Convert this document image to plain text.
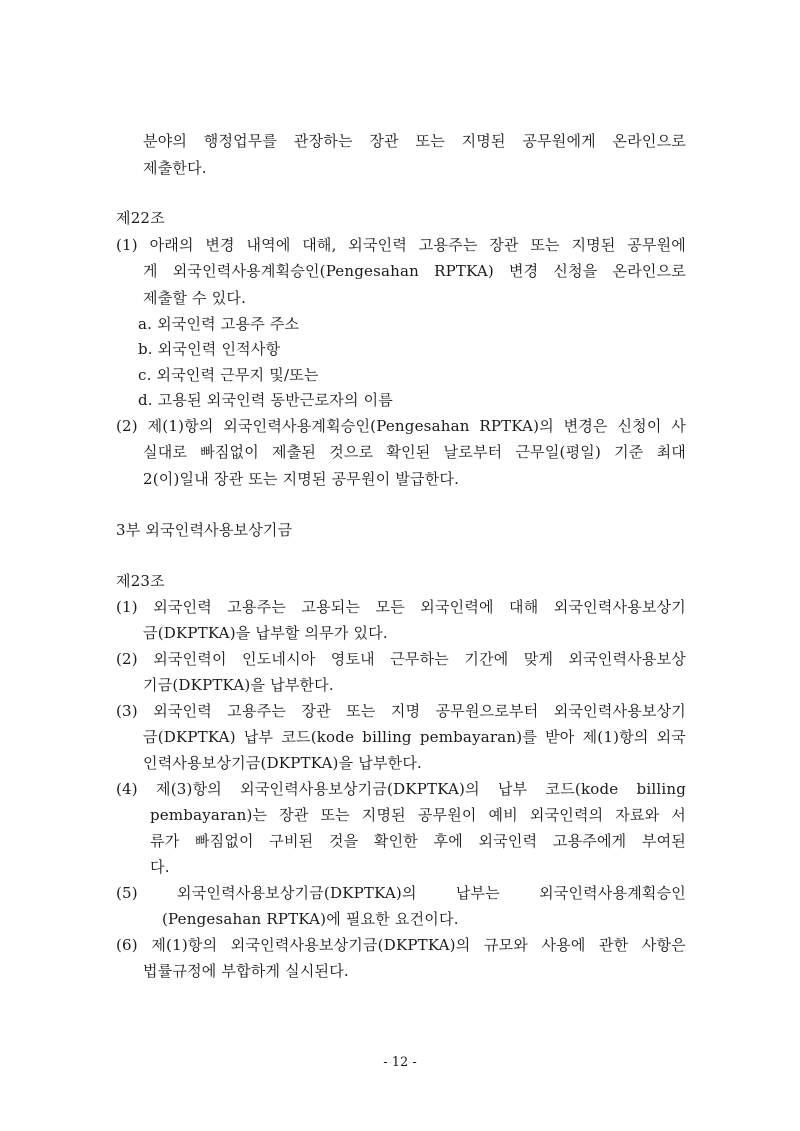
분야의 행정업무를 관장하는 장관 또는 지명된 공무원에게 온라인으로
제출한다.
제22조
(1) 아래의 변경 내역에 대해, 외국인력 고용주는 장관 또는 지명된 공무원에
게 외국인력사용계획승인(Pengesahan RPTKA) 변경 신청을 온라인으로
제출할 수 있다.
a. 외국인력 고용주 주소
b. 외국인력 인적사항
c. 외국인력 근무지 및/또는
d. 고용된 외국인력 동반근로자의 이름
(2) 제(1)항의 외국인력사용계획승인(Pengesahan RPTKA)의 변경은 신청이 사
실대로 빠짐없이 제출된 것으로 확인된 날로부터 근무일(평일) 기준 최대
2(이)일내 장관 또는 지명된 공무원이 발급한다.
3부 외국인력사용보상기금
제23조
(1) 외국인력 고용주는 고용되는 모든 외국인력에 대해 외국인력사용보상기
금(DKPTKA)을 납부할 의무가 있다.
(2) 외국인력이 인도네시아 영토내 근무하는 기간에 맞게 외국인력사용보상
기금(DKPTKA)을 납부한다.
(3) 외국인력 고용주는 장관 또는 지명 공무원으로부터 외국인력사용보상기
금(DKPTKA) 납부 코드(kode billing pembayaran)를 받아 제(1)항의 외국
인력사용보상기금(DKPTKA)을 납부한다.
(4) 제(3)항의 외국인력사용보상기금(DKPTKA)의 납부 코드(kode billing
pembayaran)는 장관 또는 지명된 공무원이 예비 외국인력의 자료와 서
류가 빠짐없이 구비된 것을 확인한 후에 외국인력 고용주에게 부여된
다.
(5) 외국인력사용보상기금(DKPTKA)의 납부는 외국인력사용계획승인
(Pengesahan RPTKA)에 필요한 요건이다.
(6) 제(1)항의 외국인력사용보상기금(DKPTKA)의 규모와 사용에 관한 사항은
법률규정에 부합하게 실시된다.
- 12 -
